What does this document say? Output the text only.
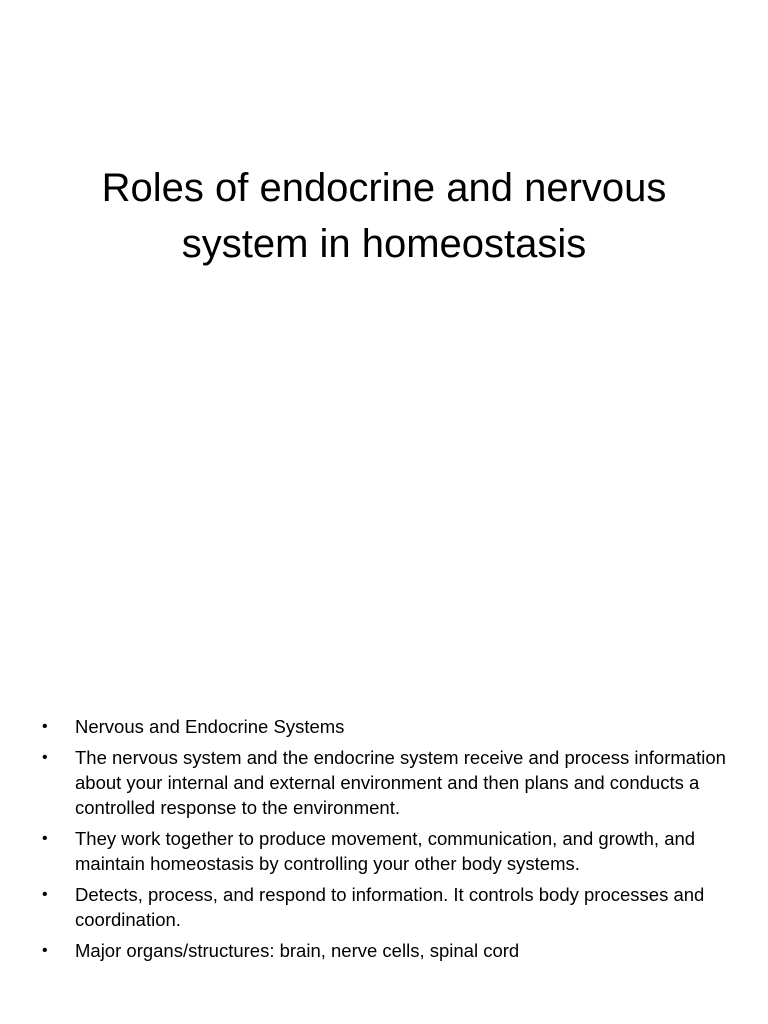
Roles of endocrine and nervous system in homeostasis
• Nervous and Endocrine Systems
• The nervous system and the endocrine system receive and process information about your internal and external environment and then plans and conducts a controlled response to the environment.
• They work together to produce movement, communication, and growth, and maintain homeostasis by controlling your other body systems.
• Detects, process, and respond to information. It controls body processes and coordination.
• Major organs/structures: brain, nerve cells, spinal cord
